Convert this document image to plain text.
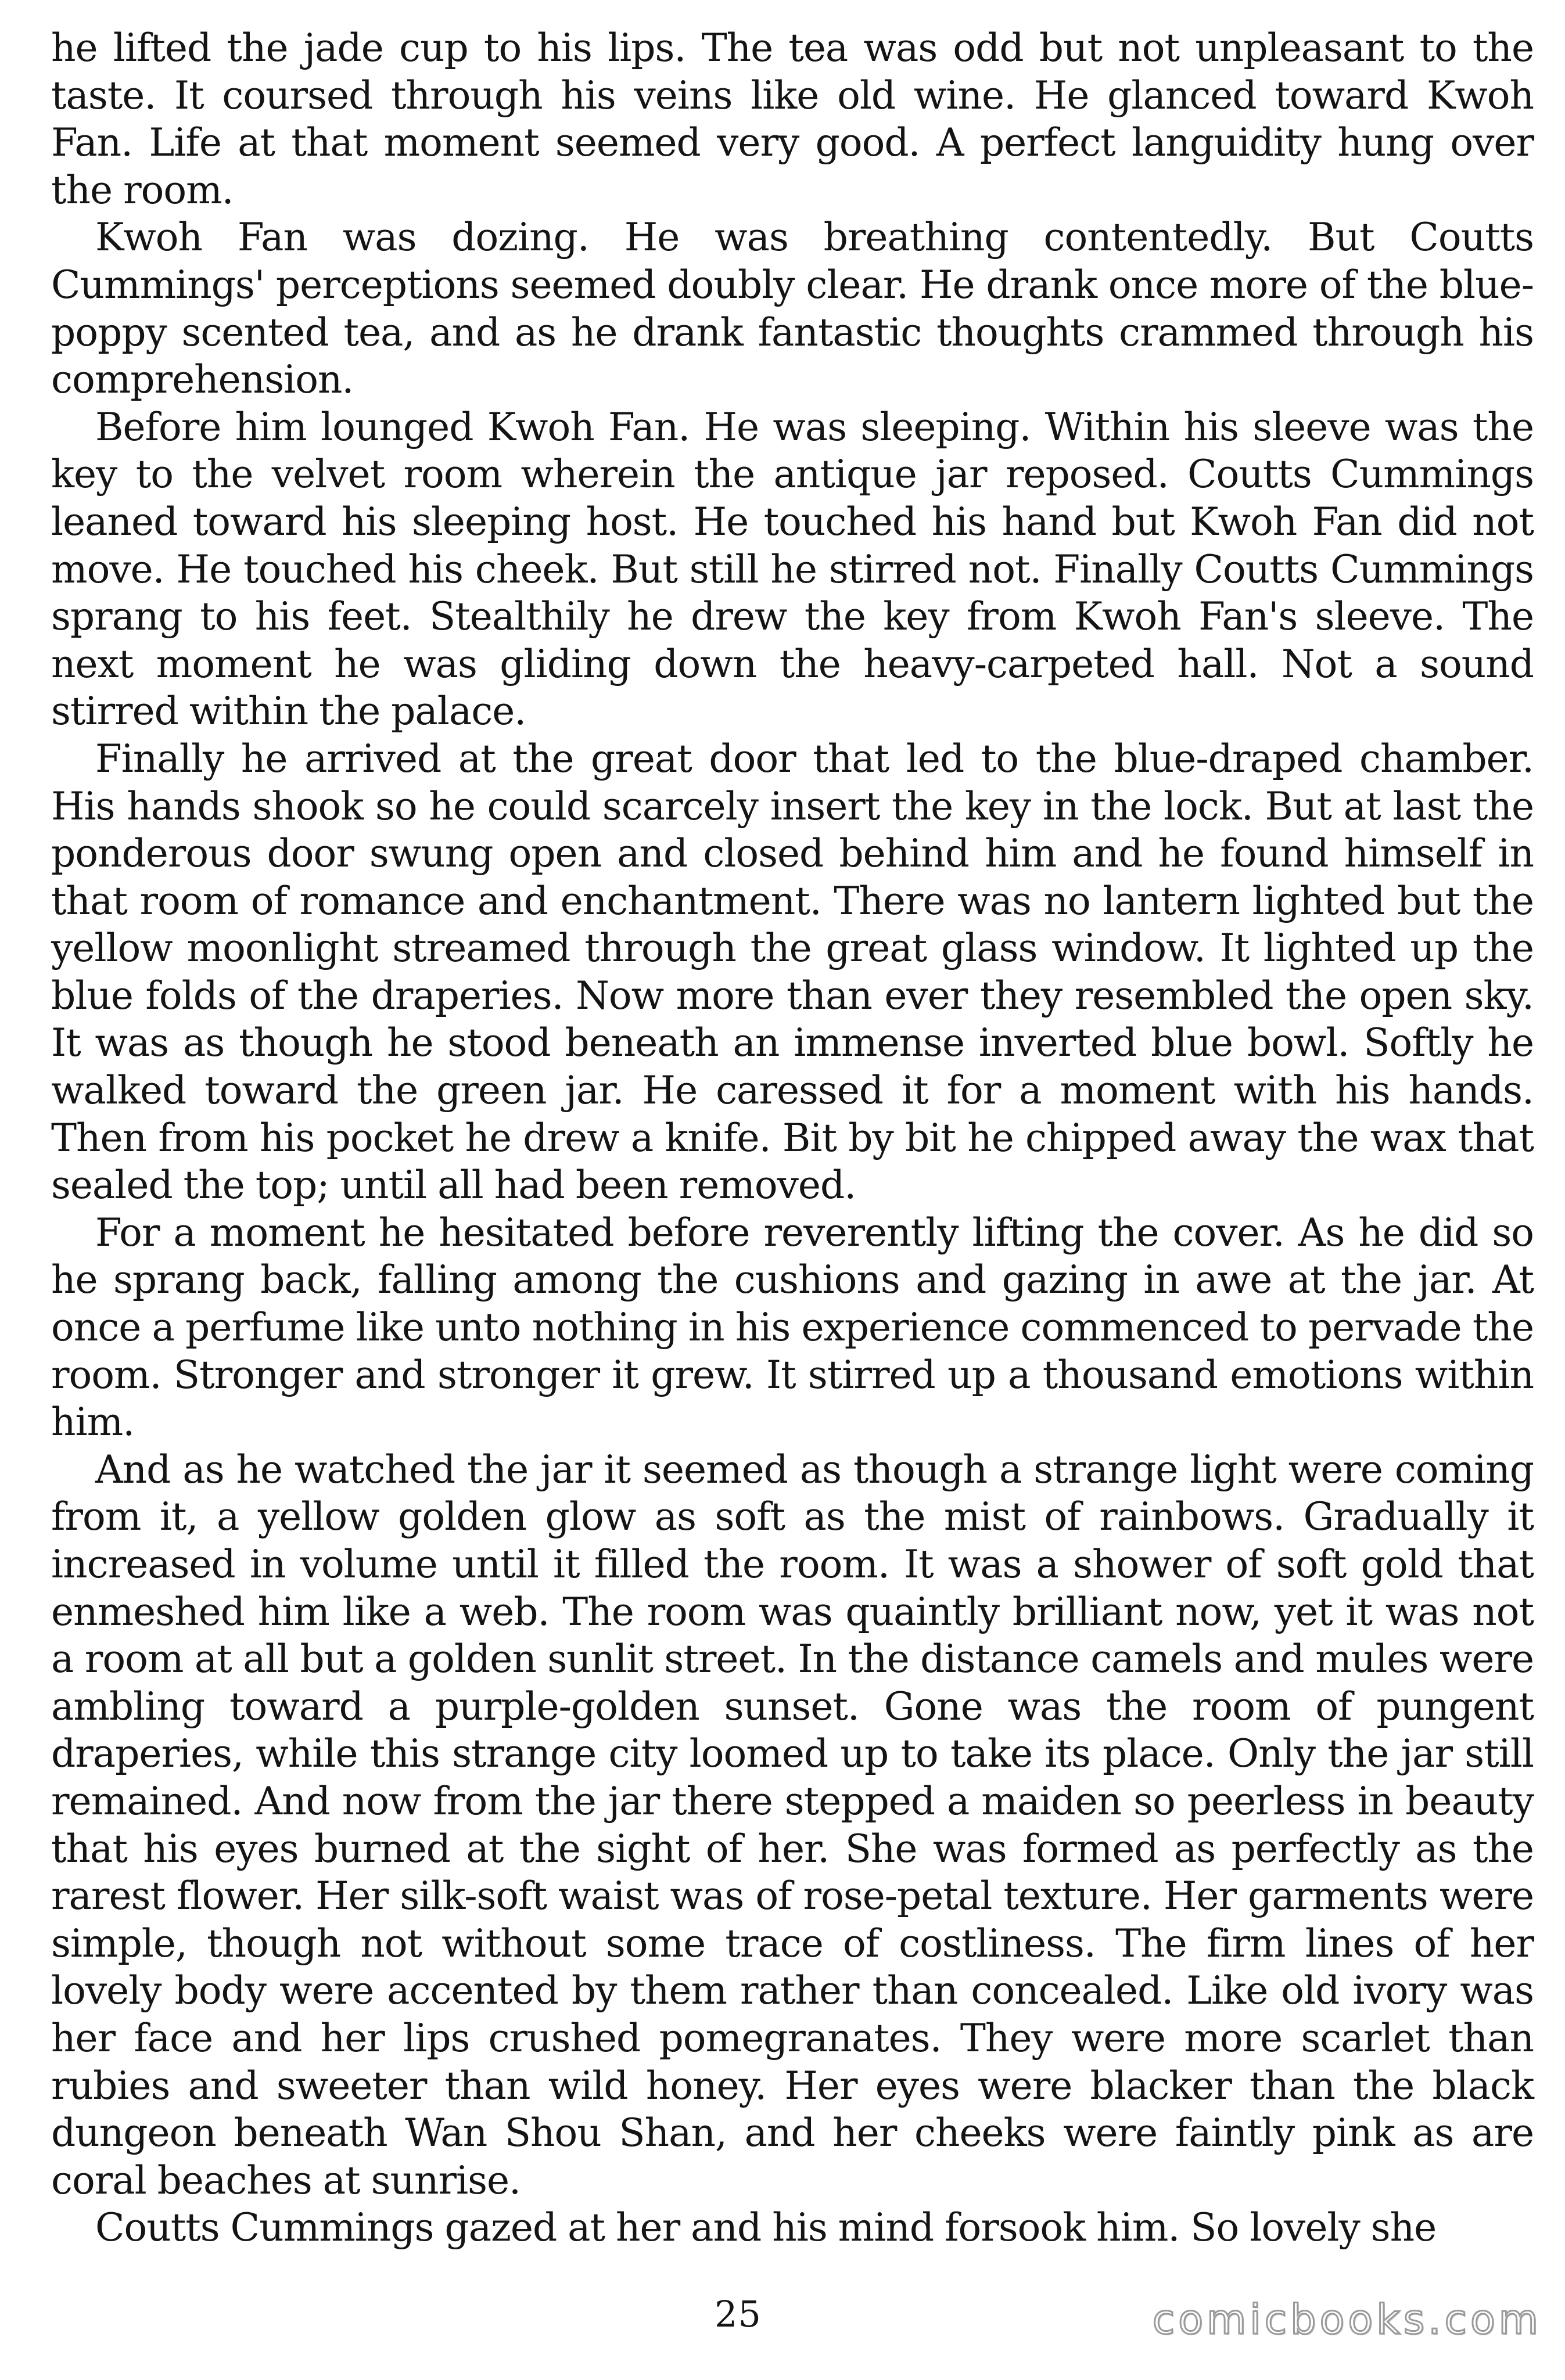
he lifted the jade cup to his lips. The tea was odd but not unpleasant to the taste. It coursed through his veins like old wine. He glanced toward Kwoh Fan. Life at that moment seemed very good. A perfect languidity hung over the room.

Kwoh Fan was dozing. He was breathing contentedly. But Coutts Cummings' perceptions seemed doubly clear. He drank once more of the blue-poppy scented tea, and as he drank fantastic thoughts crammed through his comprehension.

Before him lounged Kwoh Fan. He was sleeping. Within his sleeve was the key to the velvet room wherein the antique jar reposed. Coutts Cummings leaned toward his sleeping host. He touched his hand but Kwoh Fan did not move. He touched his cheek. But still he stirred not. Finally Coutts Cummings sprang to his feet. Stealthily he drew the key from Kwoh Fan's sleeve. The next moment he was gliding down the heavy-carpeted hall. Not a sound stirred within the palace.

Finally he arrived at the great door that led to the blue-draped chamber. His hands shook so he could scarcely insert the key in the lock. But at last the ponderous door swung open and closed behind him and he found himself in that room of romance and enchantment. There was no lantern lighted but the yellow moonlight streamed through the great glass window. It lighted up the blue folds of the draperies. Now more than ever they resembled the open sky. It was as though he stood beneath an immense inverted blue bowl. Softly he walked toward the green jar. He caressed it for a moment with his hands. Then from his pocket he drew a knife. Bit by bit he chipped away the wax that sealed the top; until all had been removed.

For a moment he hesitated before reverently lifting the cover. As he did so he sprang back, falling among the cushions and gazing in awe at the jar. At once a perfume like unto nothing in his experience commenced to pervade the room. Stronger and stronger it grew. It stirred up a thousand emotions within him.

And as he watched the jar it seemed as though a strange light were coming from it, a yellow golden glow as soft as the mist of rainbows. Gradually it increased in volume until it filled the room. It was a shower of soft gold that enmeshed him like a web. The room was quaintly brilliant now, yet it was not a room at all but a golden sunlit street. In the distance camels and mules were ambling toward a purple-golden sunset. Gone was the room of pungent draperies, while this strange city loomed up to take its place. Only the jar still remained. And now from the jar there stepped a maiden so peerless in beauty that his eyes burned at the sight of her. She was formed as perfectly as the rarest flower. Her silk-soft waist was of rose-petal texture. Her garments were simple, though not without some trace of costliness. The firm lines of her lovely body were accented by them rather than concealed. Like old ivory was her face and her lips crushed pomegranates. They were more scarlet than rubies and sweeter than wild honey. Her eyes were blacker than the black dungeon beneath Wan Shou Shan, and her cheeks were faintly pink as are coral beaches at sunrise.

Coutts Cummings gazed at her and his mind forsook him. So lovely she

25	comicbooks.com
